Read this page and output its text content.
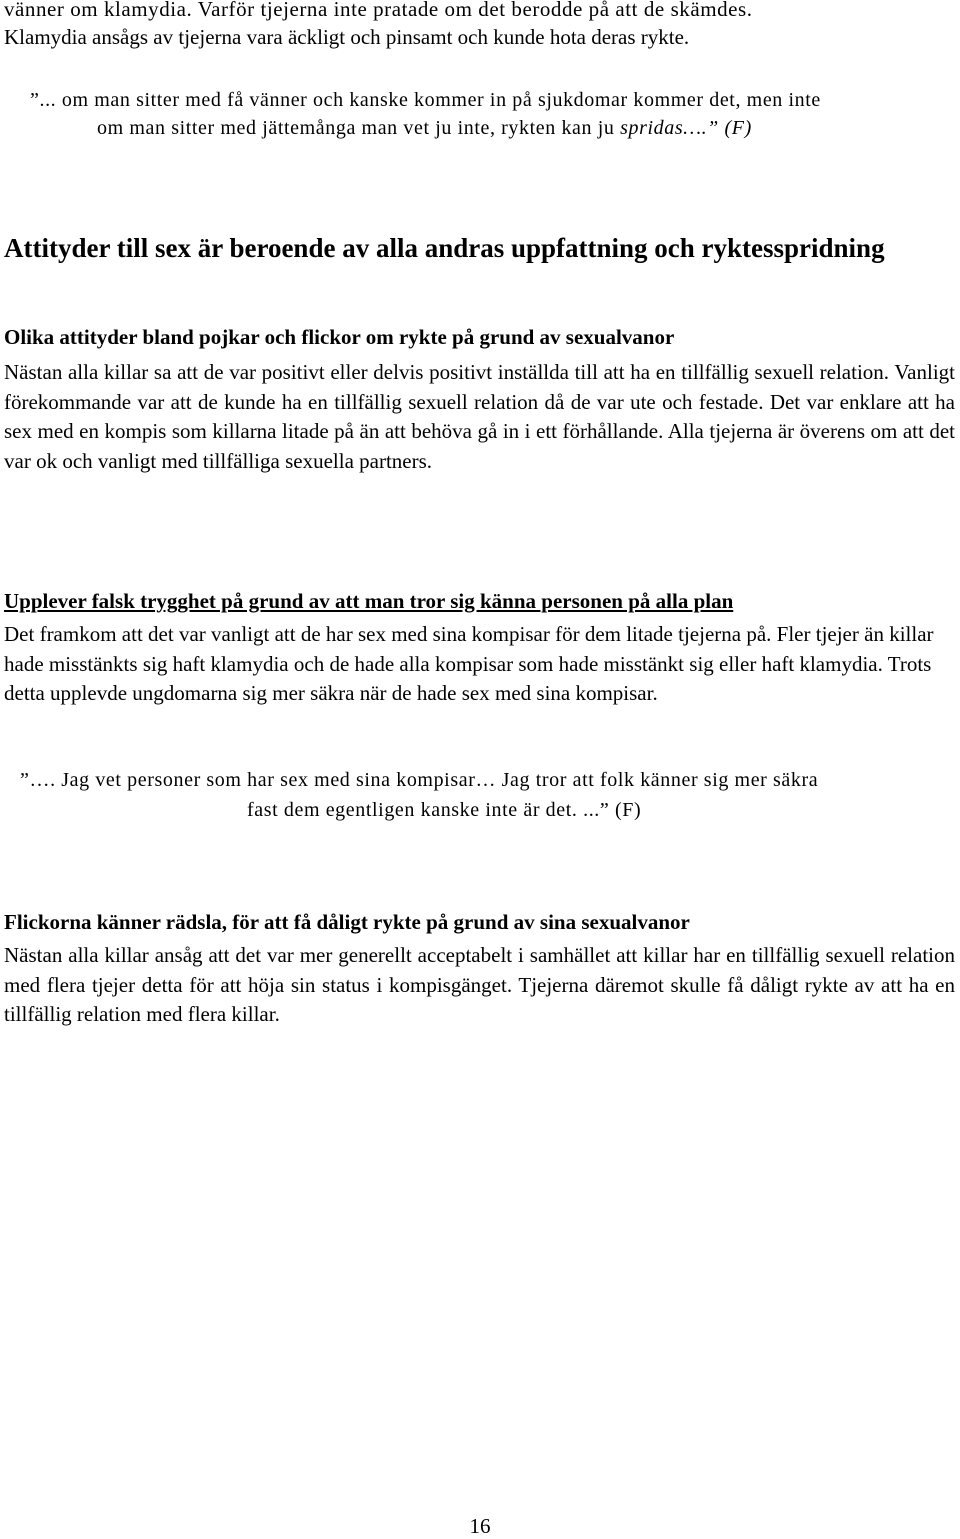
vänner om klamydia. Varför tjejerna inte pratade om det berodde på att de skämdes.

Klamydia ansågs av tjejerna vara äckligt och pinsamt och kunde hota deras rykte.

”... om man sitter med få vänner och kanske kommer in på sjukdomar kommer det, men inte

om man sitter med jättemånga man vet ju inte, rykten kan ju spridas….” (F)

Attityder till sex är beroende av alla andras uppfattning och ryktesspridning
Olika attityder bland pojkar och flickor om rykte på grund av sexualvanor

Nästan alla killar sa att de var positivt eller delvis positivt inställda till att ha en tillfällig sexuell relation. Vanligt förekommande var att de kunde ha en tillfällig sexuell relation då de var ute och festade. Det var enklare att ha sex med en kompis som killarna litade på än att behöva gå in i ett förhållande. Alla tjejerna är överens om att det var ok och vanligt med tillfälliga sexuella partners.

Upplever falsk trygghet på grund av att man tror sig känna personen på alla plan

Det framkom att det var vanligt att de har sex med sina kompisar för dem litade tjejerna på. Fler tjejer än killar hade misstänkts sig haft klamydia och de hade alla kompisar som hade misstänkt sig eller haft klamydia. Trots detta upplevde ungdomarna sig mer säkra när de hade sex med sina kompisar.

”…. Jag vet personer som har sex med sina kompisar… Jag tror att folk känner sig mer säkra

fast dem egentligen kanske inte är det. ...” (F)

Flickorna känner rädsla, för att få dåligt rykte på grund av sina sexualvanor

Nästan alla killar ansåg att det var mer generellt acceptabelt i samhället att killar har en tillfällig sexuell relation med flera tjejer detta för att höja sin status i kompisgänget. Tjejerna däremot skulle få dåligt rykte av att ha en tillfällig relation med flera killar.

16
